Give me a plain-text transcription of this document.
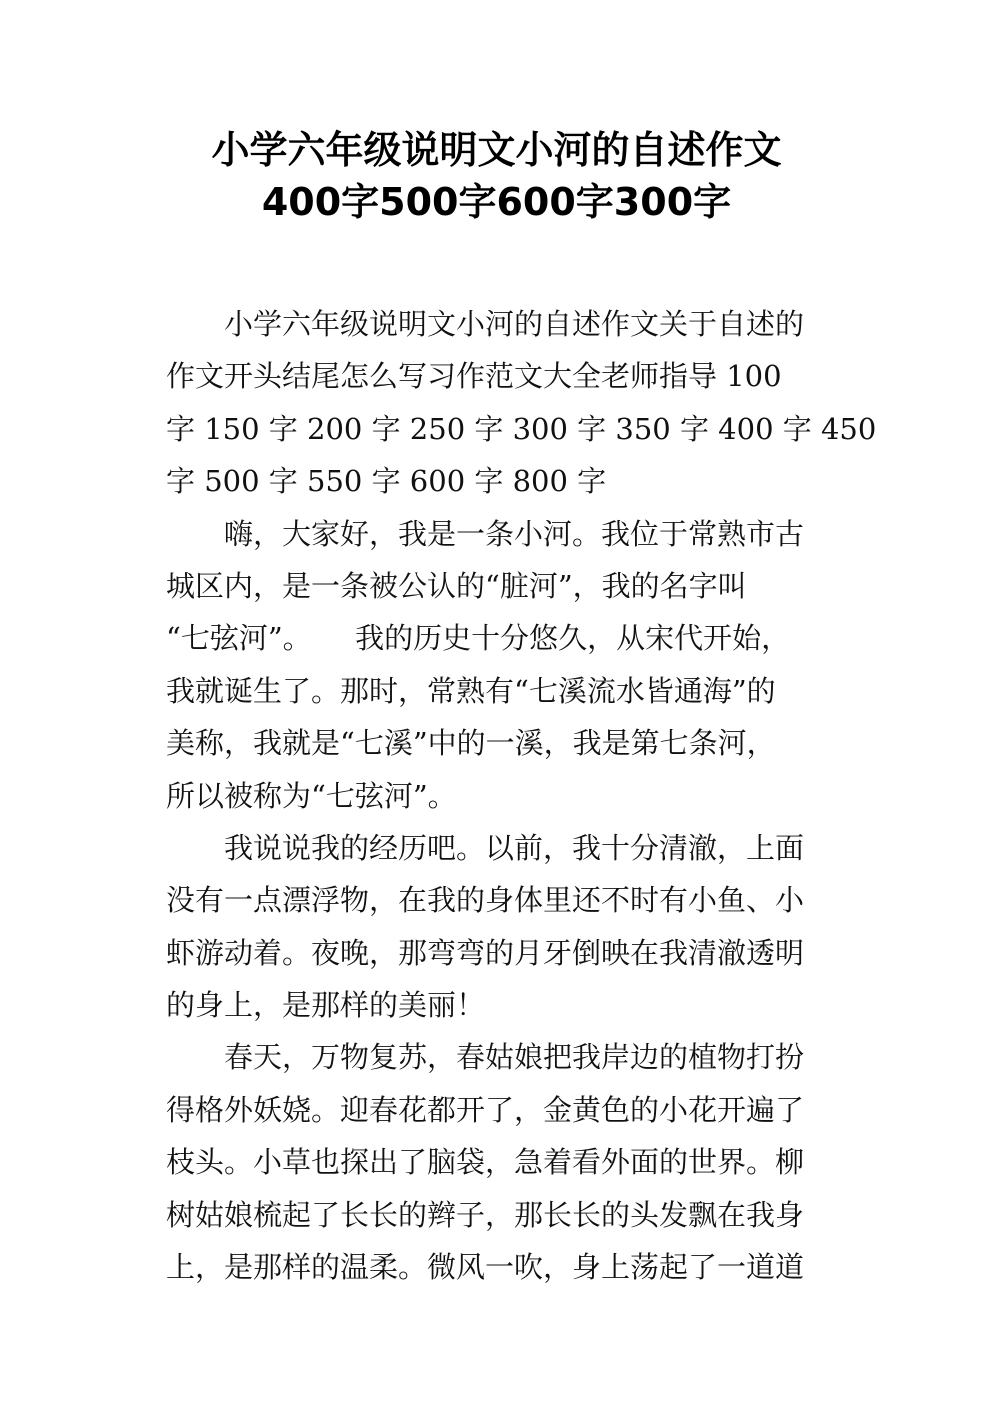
小学六年级说明文小河的自述作文
400字500字600字300字
小学六年级说明文小河的自述作文关于自述的
作文开头结尾怎么写习作范文大全老师指导 100
字 150 字 200 字 250 字 300 字 350 字 400 字 450
字 500 字 550 字 600 字 800 字
嗨，大家好，我是一条小河。我位于常熟市古
城区内，是一条被公认的“脏河”，我的名字叫
“七弦河”。　　我的历史十分悠久，从宋代开始，
我就诞生了。那时，常熟有“七溪流水皆通海”的
美称，我就是“七溪”中的一溪，我是第七条河，
所以被称为“七弦河”。
我说说我的经历吧。以前，我十分清澈，上面
没有一点漂浮物，在我的身体里还不时有小鱼、小
虾游动着。夜晚，那弯弯的月牙倒映在我清澈透明
的身上，是那样的美丽！
春天，万物复苏，春姑娘把我岸边的植物打扮
得格外妖娆。迎春花都开了，金黄色的小花开遍了
枝头。小草也探出了脑袋，急着看外面的世界。柳
树姑娘梳起了长长的辫子，那长长的头发飘在我身
上，是那样的温柔。微风一吹，身上荡起了一道道
